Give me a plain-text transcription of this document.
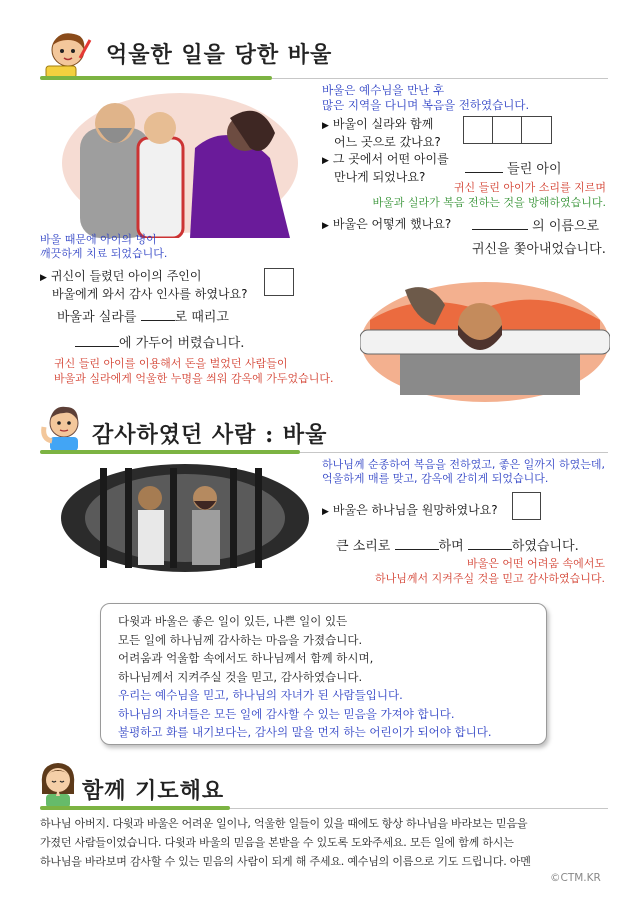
억울한 일을 당한 바울
바울은 예수님을 만난 후
많은 지역을 다니며 복음을 전하였습니다.
▶ 바울이 실라와 함께
어느 곳으로 갔나요?
▶ 그 곳에서 어떤 아이를
만나게 되었나요?	들린 아이
귀신 들린 아이가 소리를 지르며
바울과 실라가 복음 전하는 것을 방해하였습니다.
▶ 바울은 어떻게 했나요?	의 이름으로
귀신을 쫓아내었습니다.
바울 때문에 아이의 병이
깨끗하게 치료 되었습니다.
▶ 귀신이 들렸던 아이의 주인이
바울에게 와서 감사 인사를 하였나요?
바울과 실라를	로 때리고
에 가두어 버렸습니다.
귀신 들린 아이를 이용해서 돈을 벌었던 사람들이
바울과 실라에게 억울한 누명을 씌워 감옥에 가두었습니다.
감사하였던 사람 : 바울
하나님께 순종하여 복음을 전하였고, 좋은 일까지 하였는데,
억울하게 매를 맞고, 감옥에 갇히게 되었습니다.
▶ 바울은 하나님을 원망하였나요?
큰 소리로	하며	하였습니다.
바울은 어떤 어려움 속에서도
하나님께서 지켜주실 것을 믿고 감사하였습니다.
다윗과 바울은 좋은 일이 있든, 나쁜 일이 있든
모든 일에 하나님께 감사하는 마음을 가졌습니다.
어려움과 억울함 속에서도 하나님께서 함께 하시며,
하나님께서 지켜주실 것을 믿고, 감사하였습니다.
우리는 예수님을 믿고, 하나님의 자녀가 된 사람들입니다.
하나님의 자녀들은 모든 일에 감사할 수 있는 믿음을 가져야 합니다.
불평하고 화를 내기보다는, 감사의 말을 먼저 하는 어린이가 되어야 합니다.
함께 기도해요
하나님 아버지. 다윗과 바울은 어려운 일이나, 억울한 일들이 있을 때에도 항상 하나님을 바라보는 믿음을
가졌던 사람들이었습니다. 다윗과 바울의 믿음을 본받을 수 있도록 도와주세요. 모든 일에 함께 하시는
하나님을 바라보며 감사할 수 있는 믿음의 사람이 되게 해 주세요. 예수님의 이름으로 기도 드립니다. 아멘
©CTM.KR
